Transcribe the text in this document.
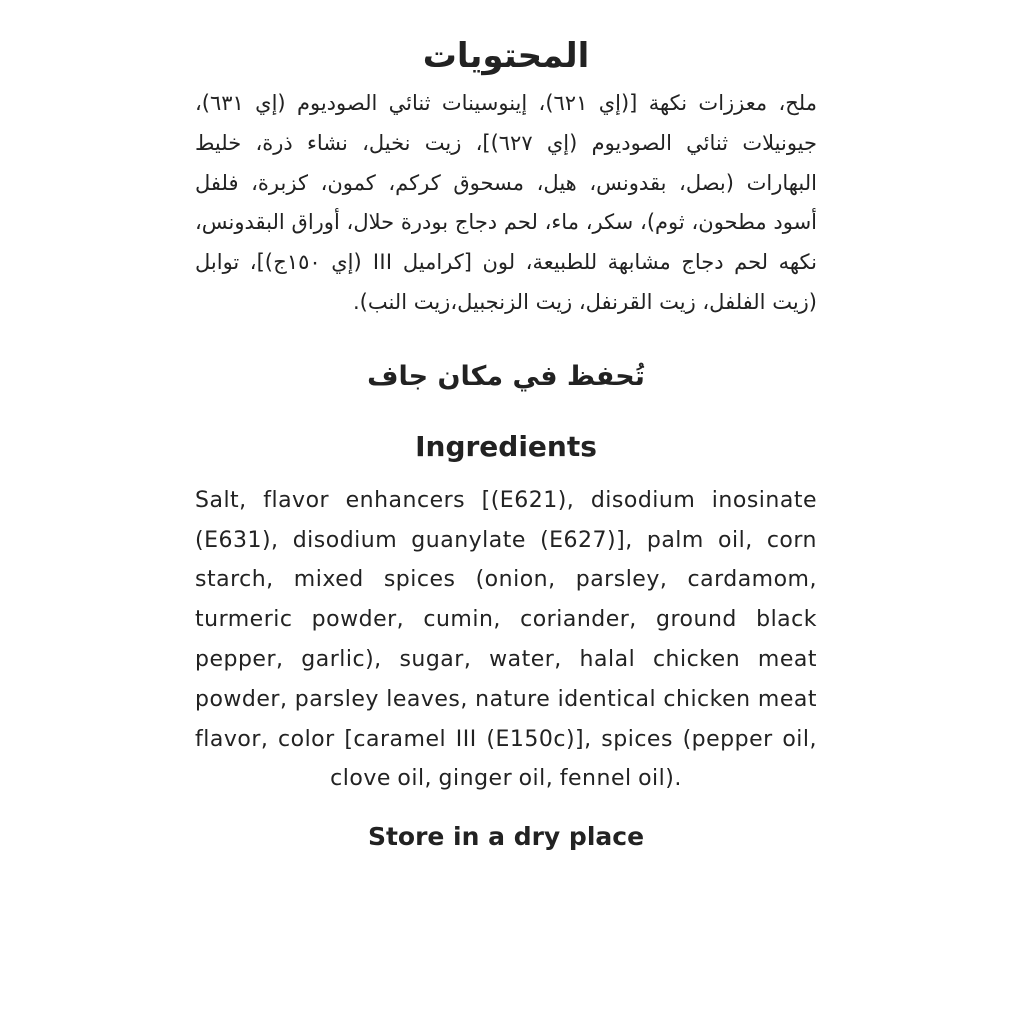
المحتويات

ملح، معززات نكهة [(إي ٦٢١)، إينوسينات ثنائي الصوديوم (إي ٦٣١)، جيونيلات ثنائي الصوديوم (إي ٦٢٧)]، زيت نخيل، نشاء ذرة، خليط البهارات (بصل، بقدونس، هيل، مسحوق كركم، كمون، كزبرة، فلفل أسود مطحون، ثوم)، سكر، ماء، لحم دجاج بودرة حلال، أوراق البقدونس، نكهه لحم دجاج مشابهة للطبيعة، لون [كراميل III (إي ١٥٠ج)]، توابل (زيت الفلفل، زيت القرنفل، زيت الزنجبيل،زيت النب).

تُحفظ في مكان جاف
Ingredients

Salt, flavor enhancers [(E621), disodium inosinate (E631), disodium guanylate (E627)], palm oil, corn starch, mixed spices (onion, parsley, cardamom, turmeric powder, cumin, coriander, ground black pepper, garlic), sugar, water, halal chicken meat powder, parsley leaves, nature identical chicken meat flavor, color [caramel III (E150c)], spices (pepper oil, clove oil, ginger oil, fennel oil).

Store in a dry place
